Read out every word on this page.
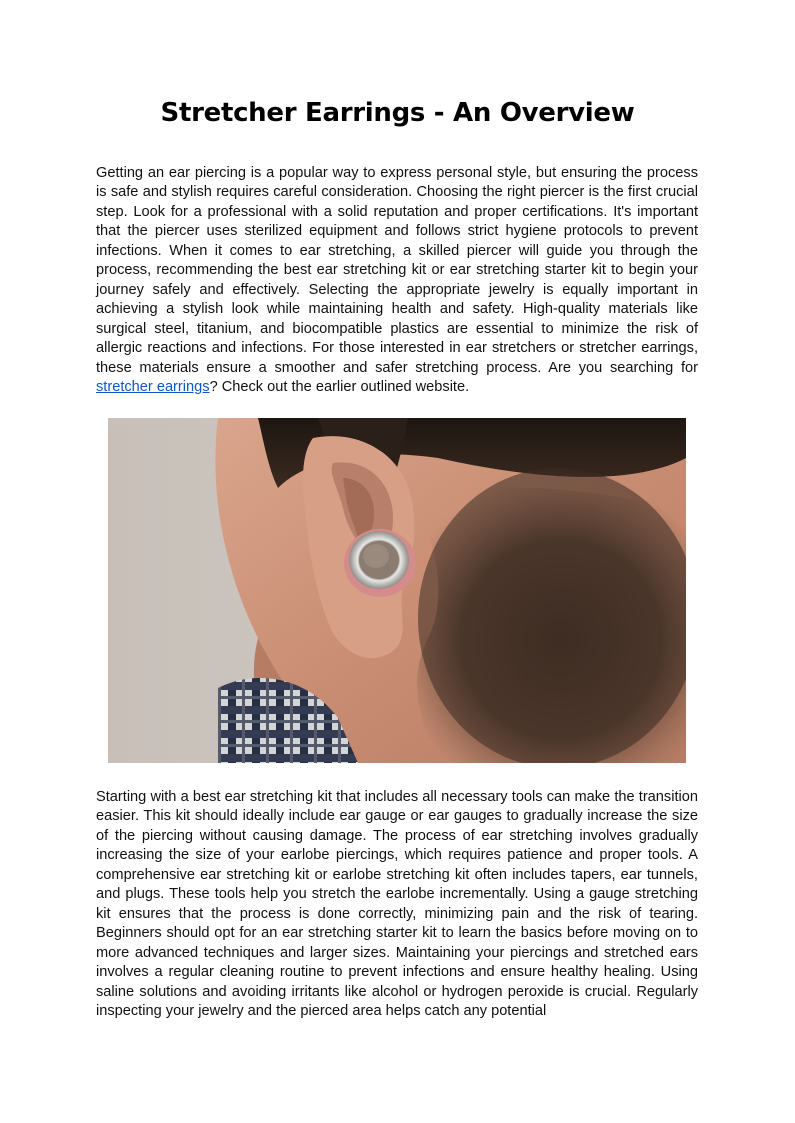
Stretcher Earrings - An Overview

Getting an ear piercing is a popular way to express personal style, but ensuring the process is safe and stylish requires careful consideration. Choosing the right piercer is the first crucial step. Look for a professional with a solid reputation and proper certifications. It's important that the piercer uses sterilized equipment and follows strict hygiene protocols to prevent infections. When it comes to ear stretching, a skilled piercer will guide you through the process, recommending the best ear stretching kit or ear stretching starter kit to begin your journey safely and effectively. Selecting the appropriate jewelry is equally important in achieving a stylish look while maintaining health and safety. High-quality materials like surgical steel, titanium, and biocompatible plastics are essential to minimize the risk of allergic reactions and infections. For those interested in ear stretchers or stretcher earrings, these materials ensure a smoother and safer stretching process. Are you searching for stretcher earrings? Check out the earlier outlined website.

Starting with a best ear stretching kit that includes all necessary tools can make the transition easier. This kit should ideally include ear gauge or ear gauges to gradually increase the size of the piercing without causing damage. The process of ear stretching involves gradually increasing the size of your earlobe piercings, which requires patience and proper tools. A comprehensive ear stretching kit or earlobe stretching kit often includes tapers, ear tunnels, and plugs. These tools help you stretch the earlobe incrementally. Using a gauge stretching kit ensures that the process is done correctly, minimizing pain and the risk of tearing. Beginners should opt for an ear stretching starter kit to learn the basics before moving on to more advanced techniques and larger sizes. Maintaining your piercings and stretched ears involves a regular cleaning routine to prevent infections and ensure healthy healing. Using saline solutions and avoiding irritants like alcohol or hydrogen peroxide is crucial. Regularly inspecting your jewelry and the pierced area helps catch any potential
